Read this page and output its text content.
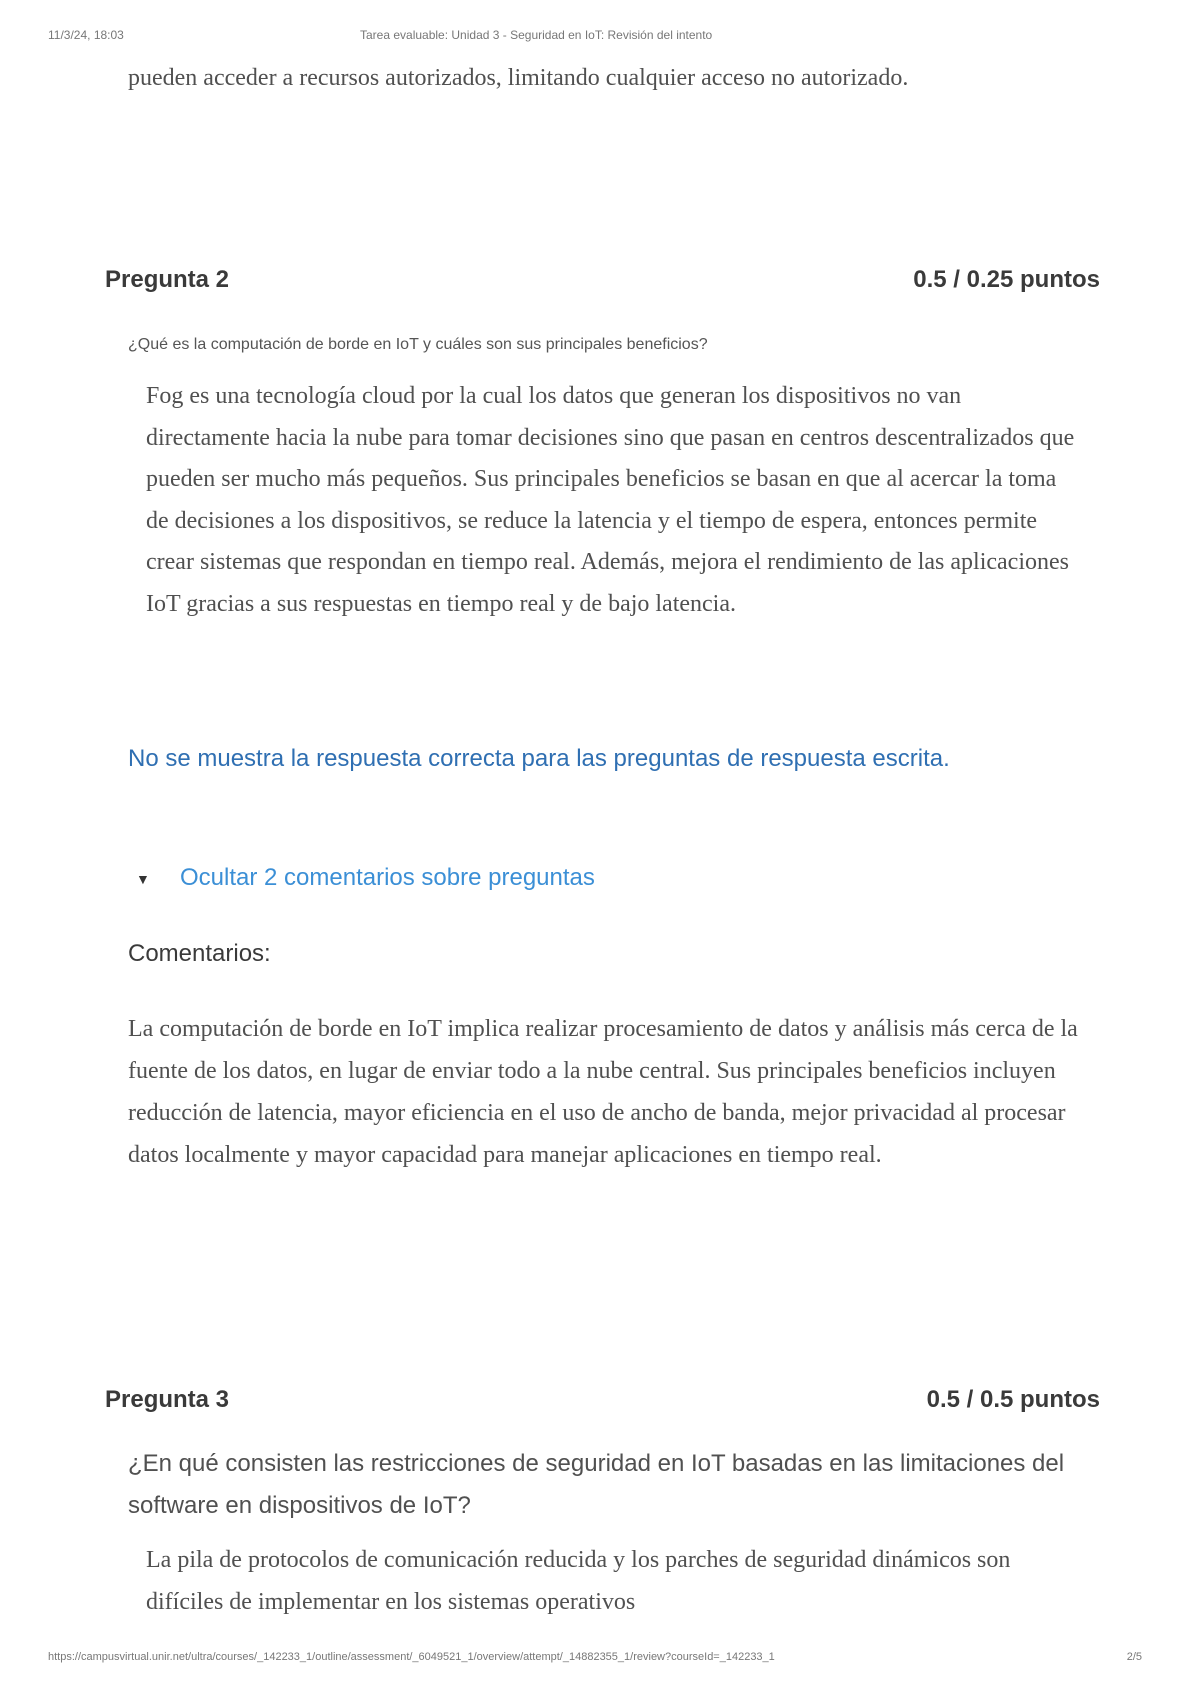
11/3/24, 18:03	Tarea evaluable: Unidad 3 - Seguridad en IoT: Revisión del intento
pueden acceder a recursos autorizados, limitando cualquier acceso no autorizado.
Pregunta 2	0.5 / 0.25 puntos
¿Qué es la computación de borde en IoT y cuáles son sus principales beneficios?
Fog es una tecnología cloud por la cual los datos que generan los dispositivos no van directamente hacia la nube para tomar decisiones sino que pasan en centros descentralizados que pueden ser mucho más pequeños. Sus principales beneficios se basan en que al acercar la toma de decisiones a los dispositivos, se reduce la latencia y el tiempo de espera, entonces permite crear sistemas que respondan en tiempo real. Además, mejora el rendimiento de las aplicaciones IoT gracias a sus respuestas en tiempo real y de bajo latencia.
No se muestra la respuesta correcta para las preguntas de respuesta escrita.
▼ Ocultar 2 comentarios sobre preguntas
Comentarios:
La computación de borde en IoT implica realizar procesamiento de datos y análisis más cerca de la fuente de los datos, en lugar de enviar todo a la nube central. Sus principales beneficios incluyen reducción de latencia, mayor eficiencia en el uso de ancho de banda, mejor privacidad al procesar datos localmente y mayor capacidad para manejar aplicaciones en tiempo real.
Pregunta 3	0.5 / 0.5 puntos
¿En qué consisten las restricciones de seguridad en IoT basadas en las limitaciones del software en dispositivos de IoT?
La pila de protocolos de comunicación reducida y los parches de seguridad dinámicos son difíciles de implementar en los sistemas operativos
https://campusvirtual.unir.net/ultra/courses/_142233_1/outline/assessment/_6049521_1/overview/attempt/_14882355_1/review?courseId=_142233_1	2/5
